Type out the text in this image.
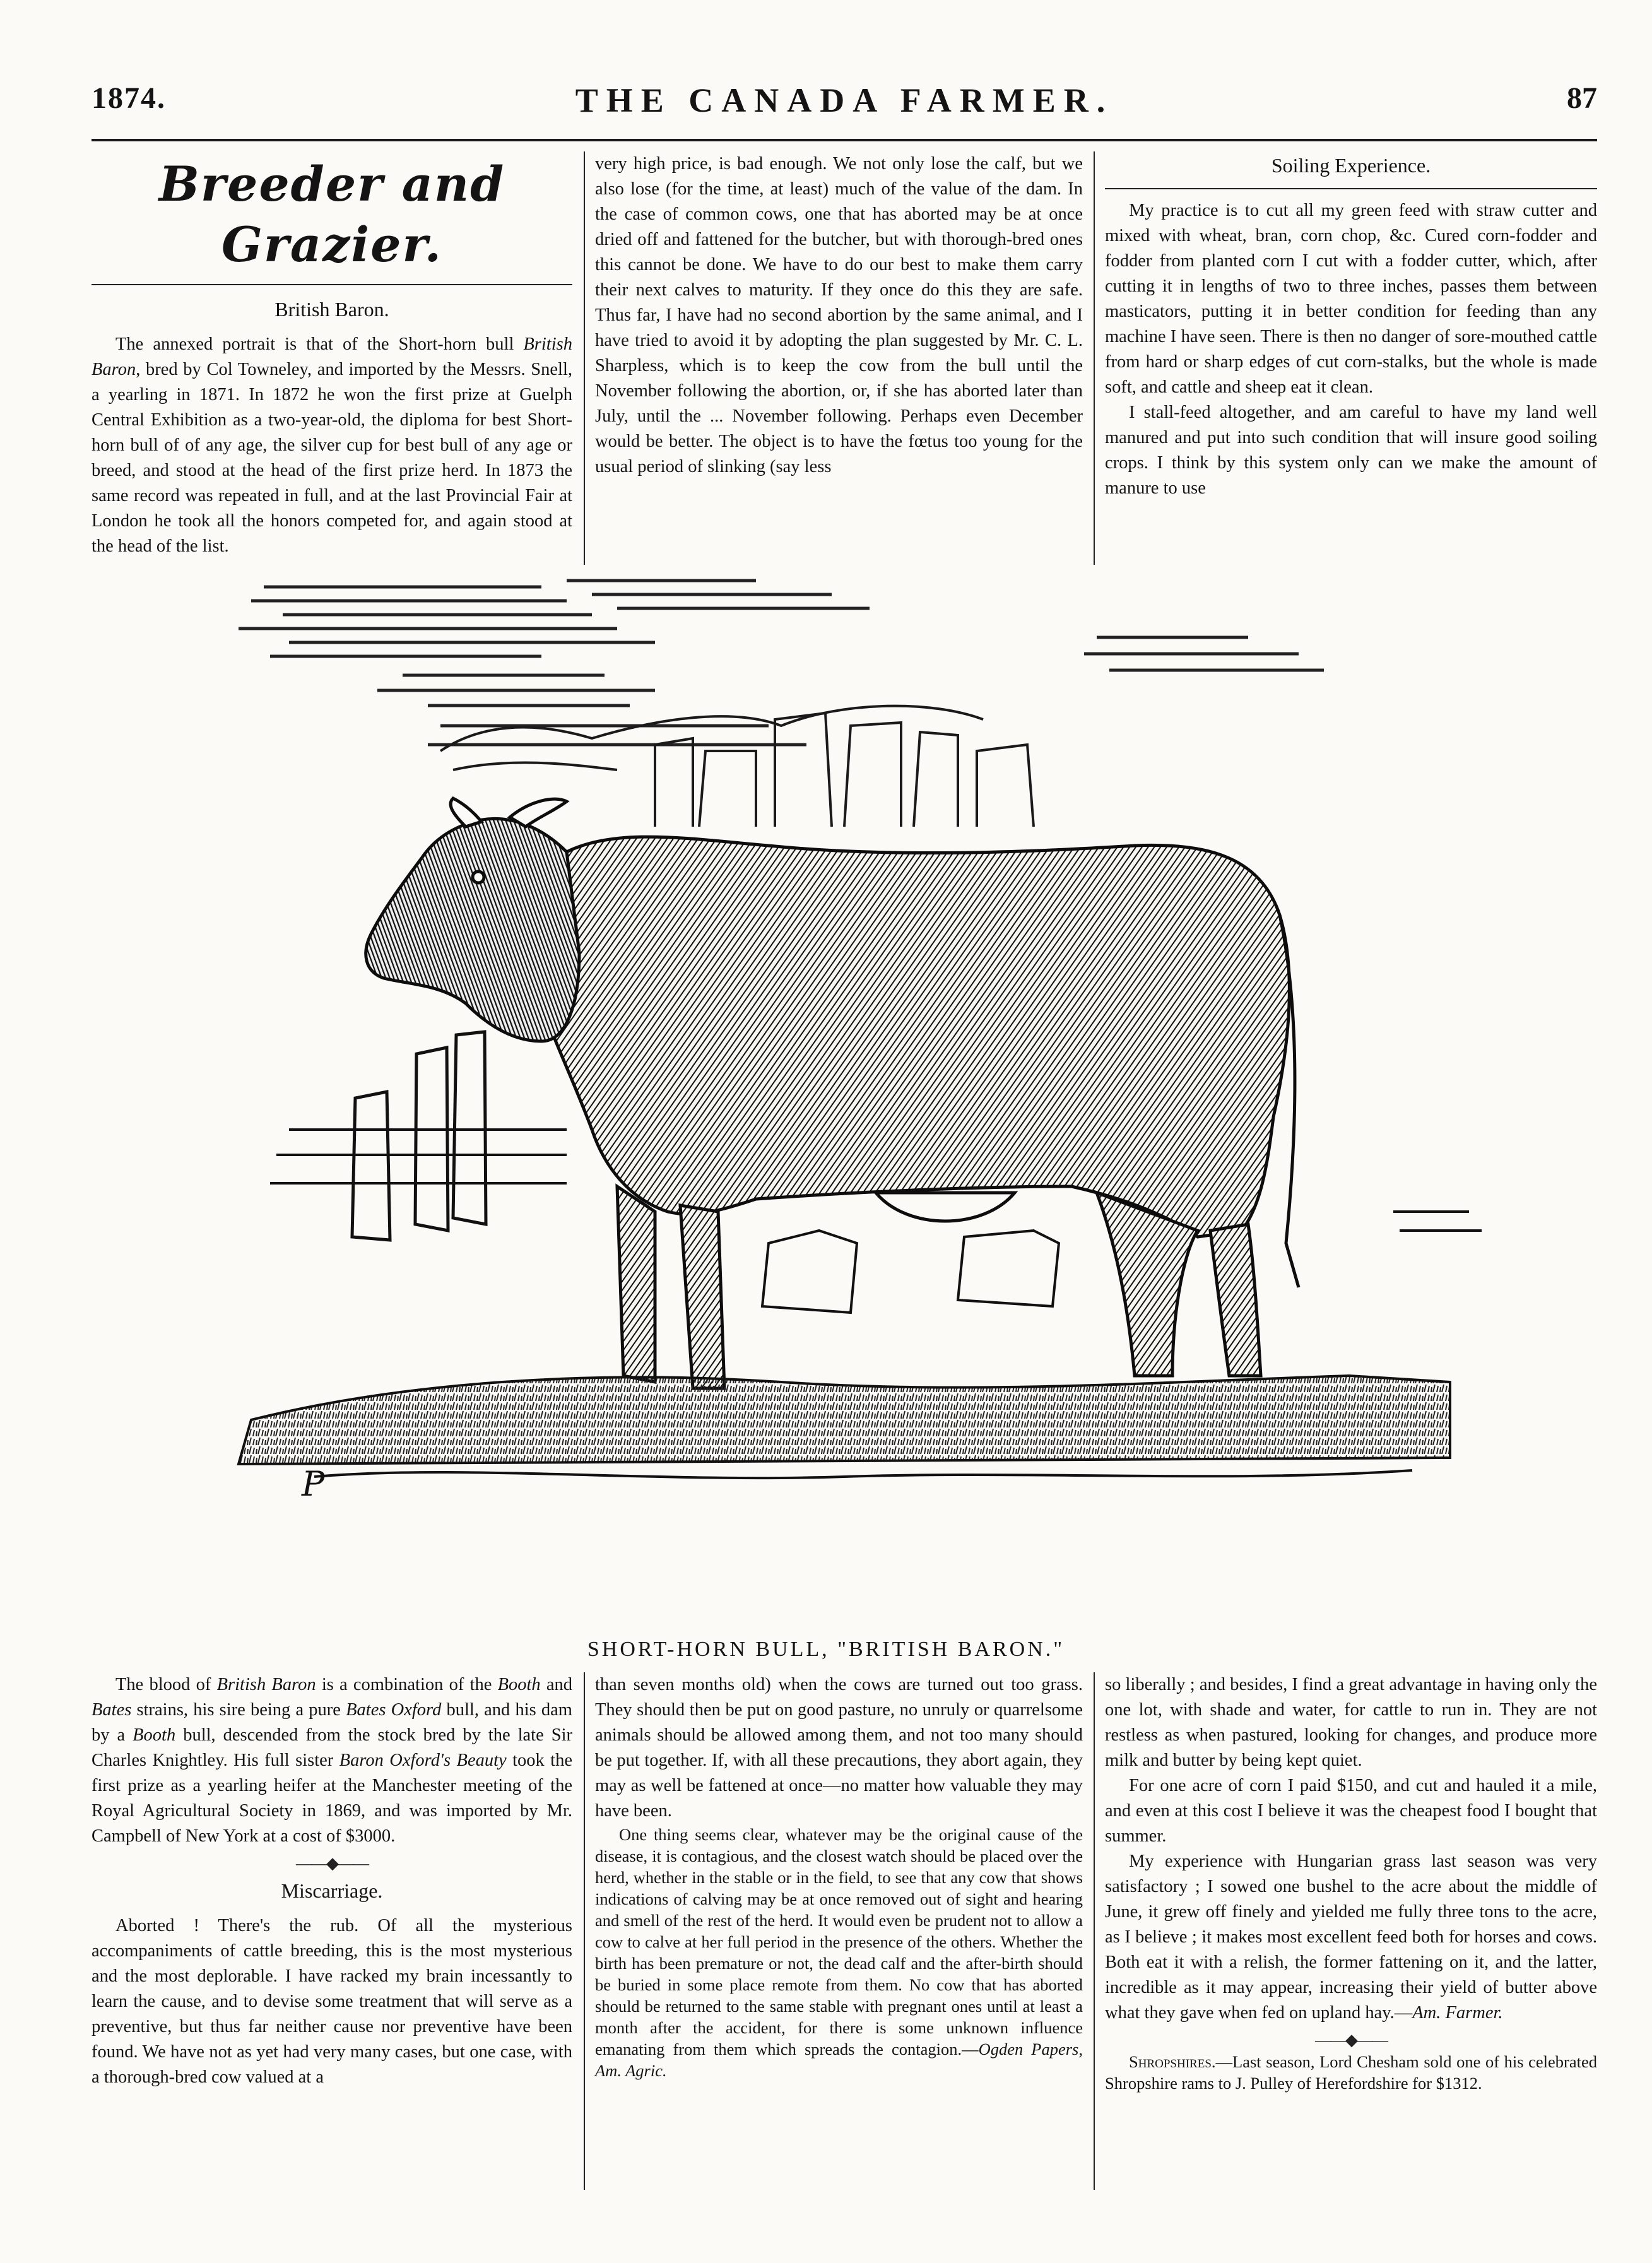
1874.	THE CANADA FARMER.	87
Breeder and Grazier.
British Baron.

The annexed portrait is that of the Short-horn bull British Baron, bred by Col Towneley, and imported by the Messrs. Snell, a yearling in 1871. In 1872 he won the first prize at Guelph Central Exhibition as a two-year-old, the diploma for best Short-horn bull of of any age, the silver cup for best bull of any age or breed, and stood at the head of the first prize herd. In 1873 the same record was repeated in full, and at the last Provincial Fair at London he took all the honors competed for, and again stood at the head of the list.

very high price, is bad enough. We not only lose the calf, but we also lose (for the time, at least) much of the value of the dam. In the case of common cows, one that has aborted may be at once dried off and fattened for the butcher, but with thorough-bred ones this cannot be done. We have to do our best to make them carry their next calves to maturity. If they once do this they are safe. Thus far, I have had no second abortion by the same animal, and I have tried to avoid it by adopting the plan suggested by Mr. C. L. Sharpless, which is to keep the cow from the bull until the November following the abortion, or, if she has aborted later than July, until the ... November following. Perhaps even December would be better. The object is to have the fœtus too young for the usual period of slinking (say less

Soiling Experience.

My practice is to cut all my green feed with straw cutter and mixed with wheat, bran, corn chop, &c. Cured corn-fodder and fodder from planted corn I cut with a fodder cutter, which, after cutting it in lengths of two to three inches, passes them between masticators, putting it in better condition for feeding than any machine I have seen. There is then no danger of sore-mouthed cattle from hard or sharp edges of cut corn-stalks, but the whole is made soft, and cattle and sheep eat it clean.

I stall-feed altogether, and am careful to have my land well manured and put into such condition that will insure good soiling crops. I think by this system only can we make the amount of manure to use

P
SHORT-HORN BULL, "BRITISH BARON."

The blood of British Baron is a combination of the Booth and Bates strains, his sire being a pure Bates Oxford bull, and his dam by a Booth bull, descended from the stock bred by the late Sir Charles Knightley. His full sister Baron Oxford's Beauty took the first prize as a yearling heifer at the Manchester meeting of the Royal Agricultural Society in 1869, and was imported by Mr. Campbell of New York at a cost of $3000.

——◆——
Miscarriage.

Aborted ! There's the rub. Of all the mysterious accompaniments of cattle breeding, this is the most mysterious and the most deplorable. I have racked my brain incessantly to learn the cause, and to devise some treatment that will serve as a preventive, but thus far neither cause nor preventive have been found. We have not as yet had very many cases, but one case, with a thorough-bred cow valued at a

than seven months old) when the cows are turned out too grass. They should then be put on good pasture, no unruly or quarrelsome animals should be allowed among them, and not too many should be put together. If, with all these precautions, they abort again, they may as well be fattened at once—no matter how valuable they may have been.

One thing seems clear, whatever may be the original cause of the disease, it is contagious, and the closest watch should be placed over the herd, whether in the stable or in the field, to see that any cow that shows indications of calving may be at once removed out of sight and hearing and smell of the rest of the herd. It would even be prudent not to allow a cow to calve at her full period in the presence of the others. Whether the birth has been premature or not, the dead calf and the after-birth should be buried in some place remote from them. No cow that has aborted should be returned to the same stable with pregnant ones until at least a month after the accident, for there is some unknown influence emanating from them which spreads the contagion.—Ogden Papers, Am. Agric.

so liberally ; and besides, I find a great advantage in having only the one lot, with shade and water, for cattle to run in. They are not restless as when pastured, looking for changes, and produce more milk and butter by being kept quiet.

For one acre of corn I paid $150, and cut and hauled it a mile, and even at this cost I believe it was the cheapest food I bought that summer.

My experience with Hungarian grass last season was very satisfactory ; I sowed one bushel to the acre about the middle of June, it grew off finely and yielded me fully three tons to the acre, as I believe ; it makes most excellent feed both for horses and cows. Both eat it with a relish, the former fattening on it, and the latter, incredible as it may appear, increasing their yield of butter above what they gave when fed on upland hay.—Am. Farmer.

——◆——

Shropshires.—Last season, Lord Chesham sold one of his celebrated Shropshire rams to J. Pulley of Herefordshire for $1312.
